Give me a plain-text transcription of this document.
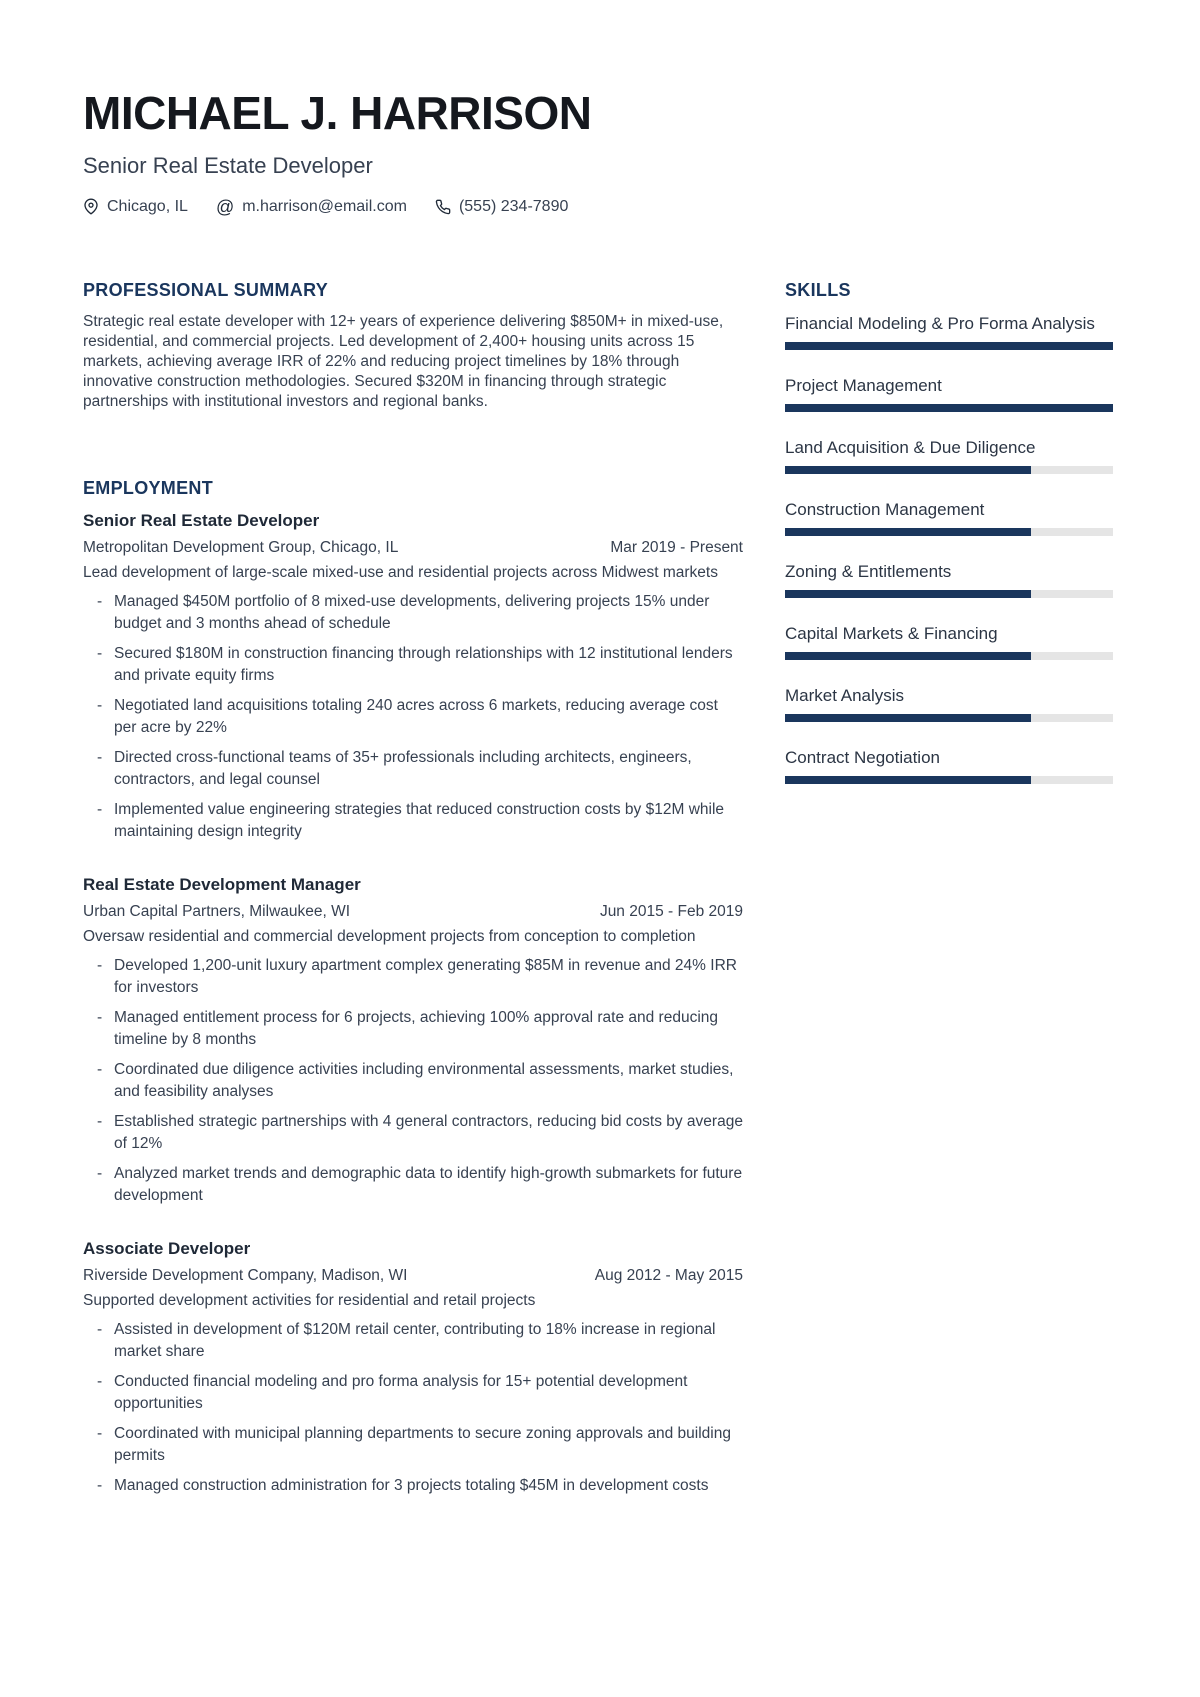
MICHAEL J. HARRISON
Senior Real Estate Developer
Chicago, IL @ m.harrison@email.com	(555) 234-7890
PROFESSIONAL SUMMARY

Strategic real estate developer with 12+ years of experience delivering $850M+ in mixed-use, residential, and commercial projects. Led development of 2,400+ housing units across 15 markets, achieving average IRR of 22% and reducing project timelines by 18% through innovative construction methodologies. Secured $320M in financing through strategic partnerships with institutional investors and regional banks.

EMPLOYMENT
Senior Real Estate Developer
Metropolitan Development Group, Chicago, IL	Mar 2019 - Present

Lead development of large-scale mixed-use and residential projects across Midwest markets

- Managed $450M portfolio of 8 mixed-use developments, delivering projects 15% under budget and 3 months ahead of schedule
- Secured $180M in construction financing through relationships with 12 institutional lenders and private equity firms
- Negotiated land acquisitions totaling 240 acres across 6 markets, reducing average cost per acre by 22%
- Directed cross-functional teams of 35+ professionals including architects, engineers, contractors, and legal counsel
- Implemented value engineering strategies that reduced construction costs by $12M while maintaining design integrity
Real Estate Development Manager
Urban Capital Partners, Milwaukee, WI	Jun 2015 - Feb 2019

Oversaw residential and commercial development projects from conception to completion

- Developed 1,200-unit luxury apartment complex generating $85M in revenue and 24% IRR for investors
- Managed entitlement process for 6 projects, achieving 100% approval rate and reducing timeline by 8 months
- Coordinated due diligence activities including environmental assessments, market studies, and feasibility analyses
- Established strategic partnerships with 4 general contractors, reducing bid costs by average of 12%
- Analyzed market trends and demographic data to identify high-growth submarkets for future development
Associate Developer
Riverside Development Company, Madison, WI	Aug 2012 - May 2015

Supported development activities for residential and retail projects

- Assisted in development of $120M retail center, contributing to 18% increase in regional market share
- Conducted financial modeling and pro forma analysis for 15+ potential development opportunities
- Coordinated with municipal planning departments to secure zoning approvals and building permits
- Managed construction administration for 3 projects totaling $45M in development costs
SKILLS
Financial Modeling & Pro Forma Analysis
Project Management
Land Acquisition & Due Diligence
Construction Management
Zoning & Entitlements
Capital Markets & Financing
Market Analysis
Contract Negotiation
